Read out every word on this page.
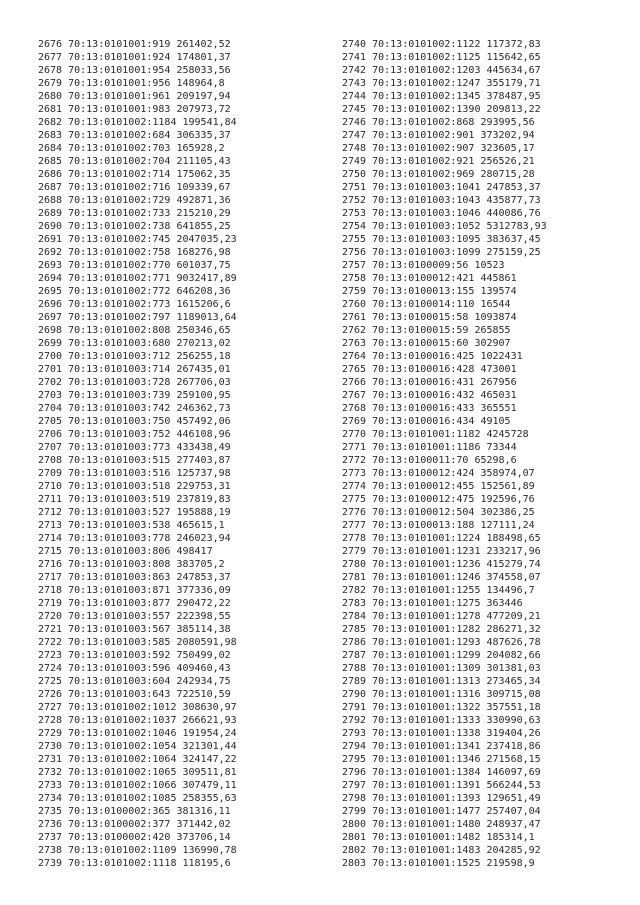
2676 70:13:0101001:919 261402,52
2677 70:13:0101001:924 174801,37
2678 70:13:0101001:954 258033,56
2679 70:13:0101001:956 148964,8
2680 70:13:0101001:961 209197,94
2681 70:13:0101001:983 207973,72
2682 70:13:0101002:1184 199541,84
2683 70:13:0101002:684 306335,37
2684 70:13:0101002:703 165928,2
2685 70:13:0101002:704 211105,43
2686 70:13:0101002:714 175062,35
2687 70:13:0101002:716 109339,67
2688 70:13:0101002:729 492871,36
2689 70:13:0101002:733 215210,29
2690 70:13:0101002:738 641855,25
2691 70:13:0101002:745 2047035,23
2692 70:13:0101002:758 168276,98
2693 70:13:0101002:770 601037,75
2694 70:13:0101002:771 9032417,89
2695 70:13:0101002:772 646208,36
2696 70:13:0101002:773 1615206,6
2697 70:13:0101002:797 1189013,64
2698 70:13:0101002:808 250346,65
2699 70:13:0101003:680 270213,02
2700 70:13:0101003:712 256255,18
2701 70:13:0101003:714 267435,01
2702 70:13:0101003:728 267706,03
2703 70:13:0101003:739 259100,95
2704 70:13:0101003:742 246362,73
2705 70:13:0101003:750 457492,06
2706 70:13:0101003:752 446108,96
2707 70:13:0101003:773 433438,49
2708 70:13:0101003:515 277403,87
2709 70:13:0101003:516 125737,98
2710 70:13:0101003:518 229753,31
2711 70:13:0101003:519 237819,83
2712 70:13:0101003:527 195888,19
2713 70:13:0101003:538 465615,1
2714 70:13:0101003:778 246023,94
2715 70:13:0101003:806 498417
2716 70:13:0101003:808 383705,2
2717 70:13:0101003:863 247853,37
2718 70:13:0101003:871 377336,09
2719 70:13:0101003:877 290472,22
2720 70:13:0101003:557 222398,55
2721 70:13:0101003:567 385114,38
2722 70:13:0101003:585 2080591,98
2723 70:13:0101003:592 750499,02
2724 70:13:0101003:596 409460,43
2725 70:13:0101003:604 242934,75
2726 70:13:0101003:643 722510,59
2727 70:13:0101002:1012 308630,97
2728 70:13:0101002:1037 266621,93
2729 70:13:0101002:1046 191954,24
2730 70:13:0101002:1054 321301,44
2731 70:13:0101002:1064 324147,22
2732 70:13:0101002:1065 309511,81
2733 70:13:0101002:1066 307479,11
2734 70:13:0101002:1085 258355,63
2735 70:13:0100002:365 381316,11
2736 70:13:0100002:377 371442,02
2737 70:13:0100002:420 373706,14
2738 70:13:0101002:1109 136990,78
2739 70:13:0101002:1118 118195,6
2740 70:13:0101002:1122 117372,83
2741 70:13:0101002:1125 115642,65
2742 70:13:0101002:1203 445634,67
2743 70:13:0101002:1247 355179,71
2744 70:13:0101002:1345 378487,95
2745 70:13:0101002:1390 209813,22
2746 70:13:0101002:868 293995,56
2747 70:13:0101002:901 373202,94
2748 70:13:0101002:907 323605,17
2749 70:13:0101002:921 256526,21
2750 70:13:0101002:969 280715,28
2751 70:13:0101003:1041 247853,37
2752 70:13:0101003:1043 435877,73
2753 70:13:0101003:1046 440086,76
2754 70:13:0101003:1052 5312783,93
2755 70:13:0101003:1095 383637,45
2756 70:13:0101003:1099 275159,25
2757 70:13:0100009:56 10523
2758 70:13:0100012:421 445861
2759 70:13:0100013:155 139574
2760 70:13:0100014:110 16544
2761 70:13:0100015:58 1093874
2762 70:13:0100015:59 265855
2763 70:13:0100015:60 302907
2764 70:13:0100016:425 1022431
2765 70:13:0100016:428 473001
2766 70:13:0100016:431 267956
2767 70:13:0100016:432 465031
2768 70:13:0100016:433 365551
2769 70:13:0100016:434 49105
2770 70:13:0101001:1182 4245728
2771 70:13:0101001:1186 73344
2772 70:13:0100011:70 65298,6
2773 70:13:0100012:424 358974,07
2774 70:13:0100012:455 152561,89
2775 70:13:0100012:475 192596,76
2776 70:13:0100012:504 302386,25
2777 70:13:0100013:188 127111,24
2778 70:13:0101001:1224 188498,65
2779 70:13:0101001:1231 233217,96
2780 70:13:0101001:1236 415279,74
2781 70:13:0101001:1246 374558,07
2782 70:13:0101001:1255 134496,7
2783 70:13:0101001:1275 363446
2784 70:13:0101001:1278 477209,21
2785 70:13:0101001:1282 286271,32
2786 70:13:0101001:1293 487626,78
2787 70:13:0101001:1299 204082,66
2788 70:13:0101001:1309 301381,03
2789 70:13:0101001:1313 273465,34
2790 70:13:0101001:1316 309715,08
2791 70:13:0101001:1322 357551,18
2792 70:13:0101001:1333 330990,63
2793 70:13:0101001:1338 319404,26
2794 70:13:0101001:1341 237418,86
2795 70:13:0101001:1346 271568,15
2796 70:13:0101001:1384 146097,69
2797 70:13:0101001:1391 566244,53
2798 70:13:0101001:1393 129651,49
2799 70:13:0101001:1477 257407,04
2800 70:13:0101001:1480 248937,47
2801 70:13:0101001:1482 185314,1
2802 70:13:0101001:1483 204285,92
2803 70:13:0101001:1525 219598,9
